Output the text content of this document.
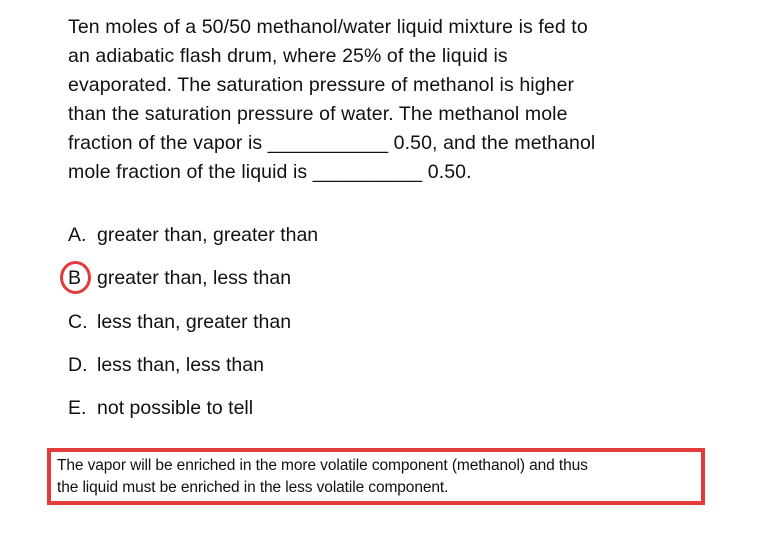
Ten moles of a 50/50 methanol/water liquid mixture is fed to
an adiabatic flash drum, where 25% of the liquid is
evaporated. The saturation pressure of methanol is higher
than the saturation pressure of water. The methanol mole
fraction of the vapor is ___________ 0.50, and the methanol
mole fraction of the liquid is __________ 0.50.
A. greater than, greater than
B greater than, less than
C. less than, greater than
D. less than, less than
E. not possible to tell
The vapor will be enriched in the more volatile component (methanol) and thus
the liquid must be enriched in the less volatile component.
